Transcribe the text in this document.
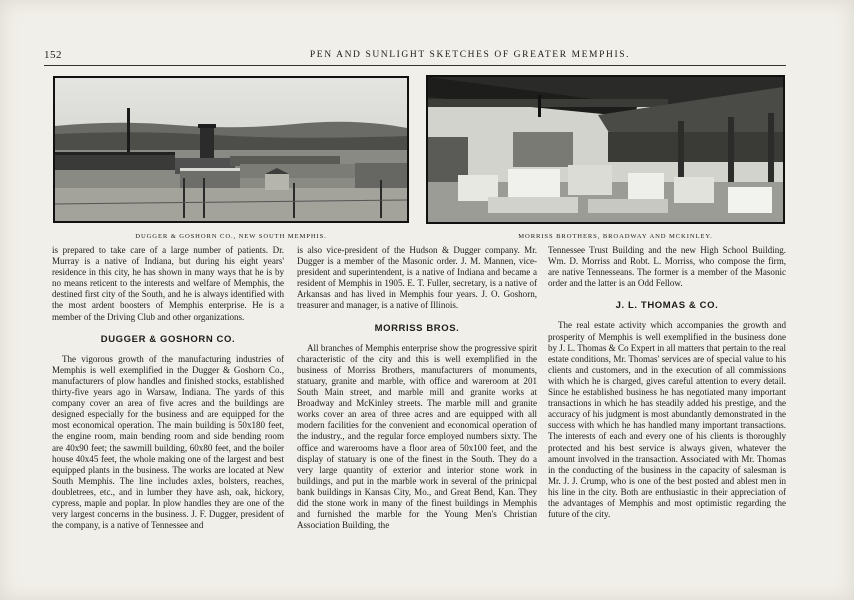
152	PEN AND SUNLIGHT SKETCHES OF GREATER MEMPHIS.
DUGGER & GOSHORN CO., NEW SOUTH MEMPHIS.	MORRISS BROTHERS, BROADWAY AND MCKINLEY.

is prepared to take care of a large number of patients. Dr. Murray is a native of Indiana, but during his eight years' residence in this city, he has shown in many ways that he is by no means reticent to the interests and welfare of Memphis, the destined first city of the South, and he is always identified with the most ardent boosters of Memphis enterprise. He is a member of the Driving Club and other organizations.

DUGGER & GOSHORN CO.

The vigorous growth of the manufacturing industries of Memphis is well exemplified in the Dugger & Goshorn Co., manufacturers of plow handles and finished stocks, established thirty-five years ago in Warsaw, Indiana. The yards of this company cover an area of five acres and the buildings are designed especially for the business and are equipped for the most economical operation. The main building is 50x180 feet, the engine room, main bending room and side bending room are 40x90 feet; the sawmill building, 60x80 feet, and the boiler house 40x45 feet, the whole making one of the largest and best equipped plants in the business. The works are located at New South Memphis. The line includes axles, bolsters, reaches, doubletrees, etc., and in lumber they have ash, oak, hickory, cypress, maple and poplar. In plow handles they are one of the very largest concerns in the business. J. F. Dugger, president of the company, is a native of Tennessee and

is also vice-president of the Hudson & Dugger company. Mr. Dugger is a member of the Masonic order. J. M. Mannen, vice-president and superintendent, is a native of Indiana and became a resident of Memphis in 1905. E. T. Fuller, secretary, is a native of Arkansas and has lived in Memphis four years. J. O. Goshorn, treasurer and manager, is a native of Illinois.

MORRISS BROS.

All branches of Memphis enterprise show the progressive spirit characteristic of the city and this is well exemplified in the business of Morriss Brothers, manufacturers of monuments, statuary, granite and marble, with office and wareroom at 201 South Main street, and marble mill and granite works at Broadway and McKinley streets. The marble mill and granite works cover an area of three acres and are equipped with all modern facilities for the convenient and economical operation of the industry., and the regular force employed numbers sixty. The office and warerooms have a floor area of 50x100 feet, and the display of statuary is one of the finest in the South. They do a very large quantity of exterior and interior stone work in buildings, and put in the marble work in several of the prinicpal bank buildings in Kansas City, Mo., and Great Bend, Kan. They did the stone work in many of the finest buildings in Memphis and furnished the marble for the Young Men's Christian Association Building, the

Tennessee Trust Building and the new High School Building. Wm. D. Morriss and Robt. L. Morriss, who compose the firm, are native Tennesseans. The former is a member of the Masonic order and the latter is an Odd Fellow.

J. L. THOMAS & CO.

The real estate activity which accompanies the growth and prosperity of Memphis is well exemplified in the business done by J. L. Thomas & Co Expert in all matters that pertain to the real estate conditions, Mr. Thomas' services are of special value to his clients and customers, and in the execution of all commissions with which he is charged, gives careful attention to every detail. Since he established business he has negotiated many important transactions in which he has steadily added his prestige, and the accuracy of his judgment is most abundantly demonstrated in the success with which he has handled many important transactions. The interests of each and every one of his clients is thoroughly protected and his best service is always given, whatever the amount involved in the transaction. Associated with Mr. Thomas in the conducting of the business in the capacity of salesman is Mr. J. J. Crump, who is one of the best posted and ablest men in his line in the city. Both are enthusiastic in their appreciation of the advantages of Memphis and most optimistic regarding the future of the city.
